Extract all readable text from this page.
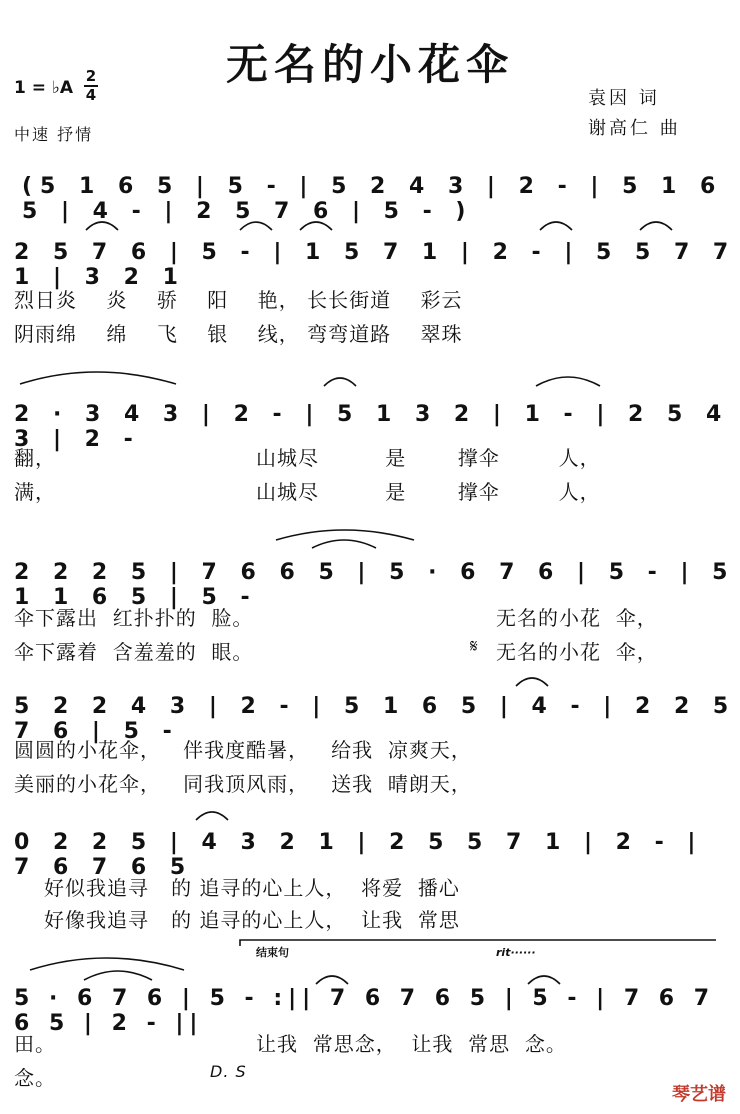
无名的小花伞
1 = ♭A
2
4
中速 抒情
袁因 词
谢高仁 曲
(5 1 6 5 | 5 - | 5 2 4 3 | 2 - | 5 1 6 5 | 4 - | 2 5 7 6 | 5 - )
2 5 7 6 | 5 - | 1 5 7 1 | 2 - | 5 5 7 7 1 | 3 2 1
烈日炎    炎    骄    阳    艳， 长长街道    彩云
阴雨绵    绵    飞    银    线， 弯弯道路    翠珠
2 · 3 4 3 | 2 - | 5 1 3 2 | 1 - | 2 5 4 3 | 2 -
翻，	山城尽         是       撑伞        人，
满，	山城尽         是       撑伞        人，
2 2 2 5 | 7 6 6 5 | 5 · 6 7 6 | 5 - | 5 1 1 6 5 | 5 -
伞下露出  红扑扑的  脸。	无名的小花  伞，
伞下露着  含羞羞的  眼。	𝄋 无名的小花  伞，
5 2 2 4 3 | 2 - | 5 1 6 5 | 4 - | 2 2 5 7 6 | 5 -
圆圆的小花伞，   伴我度酷暑，   给我  凉爽天，
美丽的小花伞，   同我顶风雨，   送我  晴朗天，
0 2 2 5 | 4 3 2 1 | 2 5 5 7 1 | 2 - | 7 6 7 6 5
好似我追寻   的 追寻的心上人，  将爱  播心
好像我追寻   的 追寻的心上人，  让我  常思
结束句	rit······
5 · 6 7 6 | 5 - :|| 7 6 7 6 5 | 5 - | 7 6 7 6 5 | 2 - ||
田。	让我  常思念，  让我  常思  念。
念。	D. S
琴艺谱
